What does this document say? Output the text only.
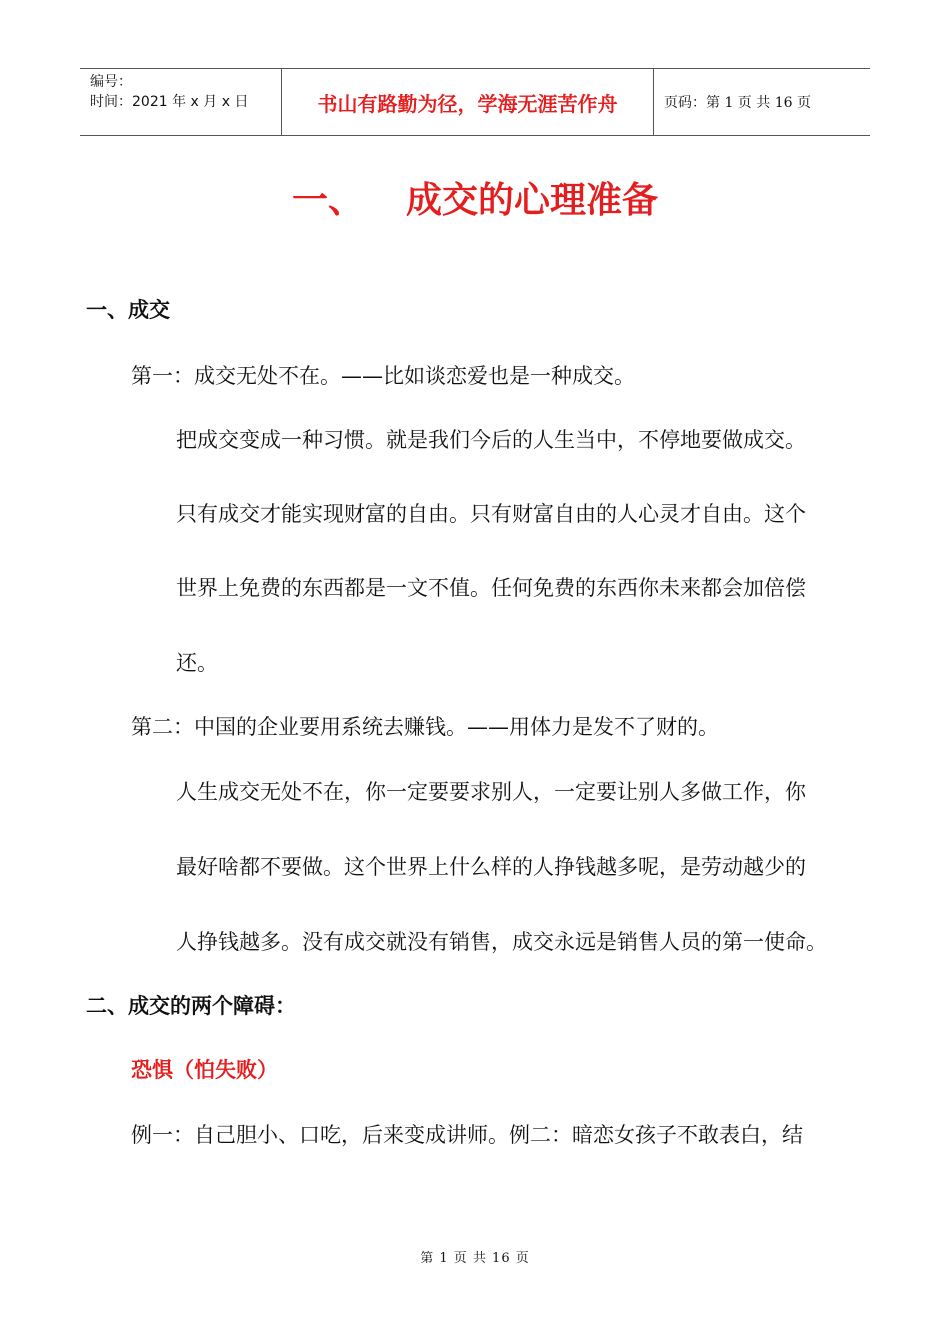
编号：
时间：2021 年 x 月 x 日	书山有路勤为径，学海无涯苦作舟	页码：第 1 页 共 16 页
一、 成交的心理准备

一、成交

第一：成交无处不在。——比如谈恋爱也是一种成交。

把成交变成一种习惯。就是我们今后的人生当中，不停地要做成交。

只有成交才能实现财富的自由。只有财富自由的人心灵才自由。这个

世界上免费的东西都是一文不值。任何免费的东西你未来都会加倍偿

还。

第二：中国的企业要用系统去赚钱。——用体力是发不了财的。

人生成交无处不在，你一定要要求别人，一定要让别人多做工作，你

最好啥都不要做。这个世界上什么样的人挣钱越多呢，是劳动越少的

人挣钱越多。没有成交就没有销售，成交永远是销售人员的第一使命。

二、成交的两个障碍：

恐惧（怕失败）

例一：自己胆小、口吃，后来变成讲师。例二：暗恋女孩子不敢表白，结

第 1 页 共 16 页
